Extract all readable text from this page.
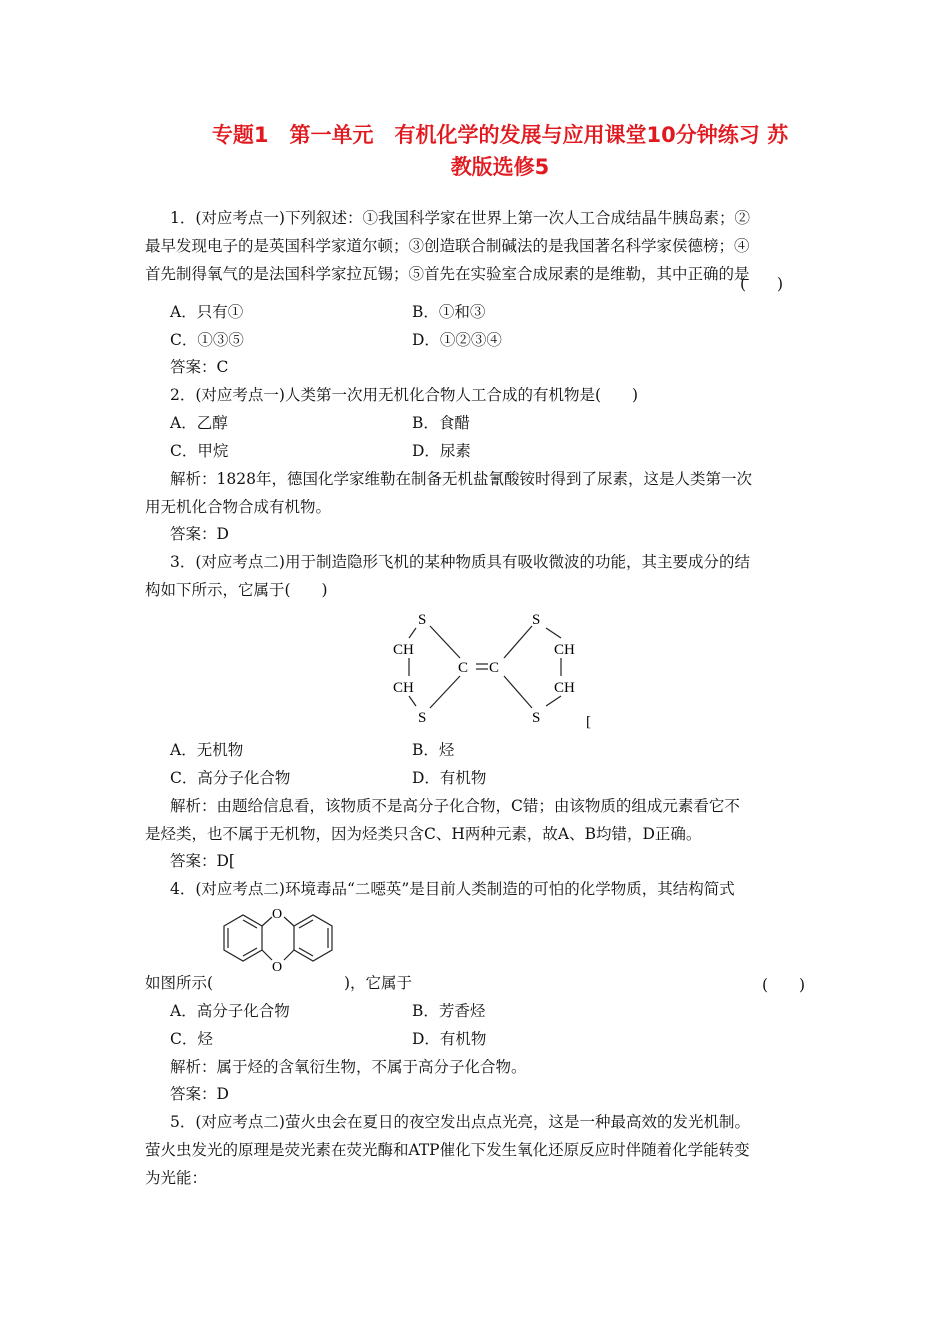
专题1　第一单元　有机化学的发展与应用课堂10分钟练习 苏
教版选修5
1．(对应考点一)下列叙述：①我国科学家在世界上第一次人工合成结晶牛胰岛素；②
最早发现电子的是英国科学家道尔顿；③创造联合制碱法的是我国著名科学家侯德榜；④
首先制得氧气的是法国科学家拉瓦锡；⑤首先在实验室合成尿素的是维勒，其中正确的是
(　　)
A．只有①	B．①和③
C．①③⑤	D．①②③④
答案：C
2．(对应考点一)人类第一次用无机化合物人工合成的有机物是(　　)
A．乙醇	B．食醋
C．甲烷	D．尿素
解析：1828年，德国化学家维勒在制备无机盐氰酸铵时得到了尿素，这是人类第一次
用无机化合物合成有机物。
答案：D
3．(对应考点二)用于制造隐形飞机的某种物质具有吸收微波的功能，其主要成分的结
构如下所示，它属于(　　)
S
CH
CH
S
C C
S
CH
CH
S	[
A．无机物	B．烃
C．高分子化合物	D．有机物
解析：由题给信息看，该物质不是高分子化合物，C错；由该物质的组成元素看它不
是烃类，也不属于无机物，因为烃类只含C、H两种元素，故A、B均错，D正确。
答案：D[
4．(对应考点二)环境毒品“二噁英”是目前人类制造的可怕的化学物质，其结构简式
O
O
如图所示(	)，它属于	(　　)
A．高分子化合物	B．芳香烃
C．烃	D．有机物
解析：属于烃的含氧衍生物，不属于高分子化合物。
答案：D
5．(对应考点二)萤火虫会在夏日的夜空发出点点光亮，这是一种最高效的发光机制。
萤火虫发光的原理是荧光素在荧光酶和ATP催化下发生氧化还原反应时伴随着化学能转变
为光能：
